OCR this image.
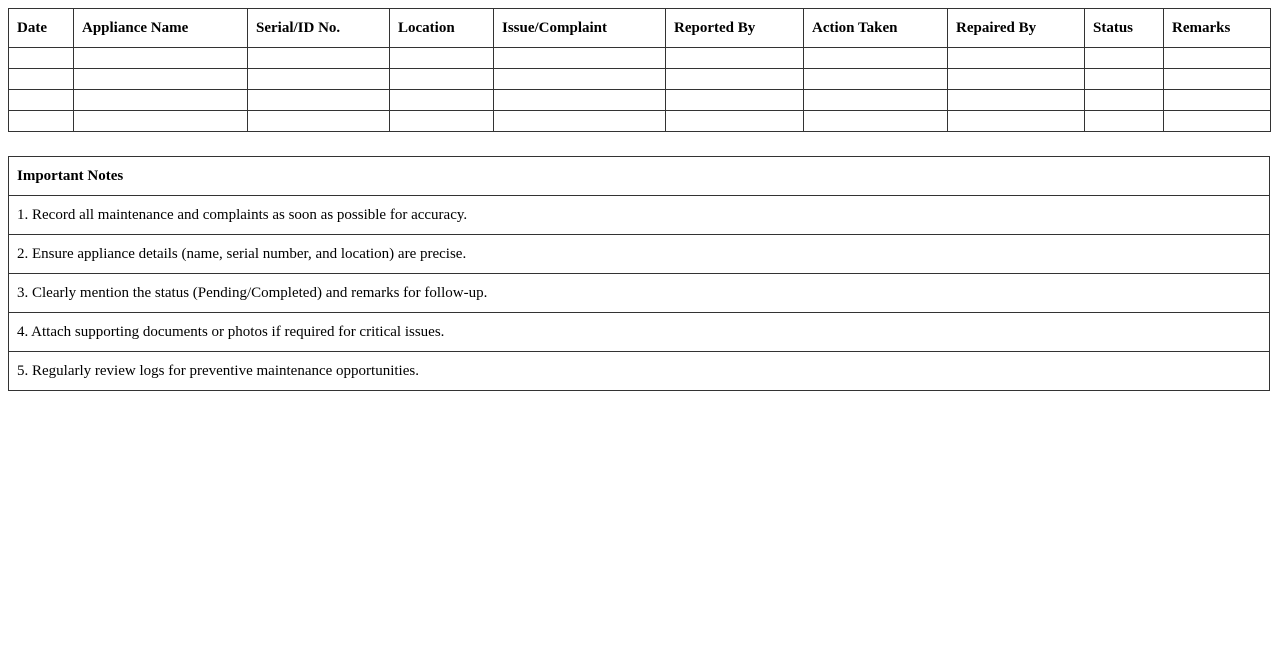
Date	Appliance Name	Serial/ID No.	Location	Issue/Complaint	Reported By	Action Taken	Repaired By	Status	Remarks

Important Notes
1. Record all maintenance and complaints as soon as possible for accuracy.
2. Ensure appliance details (name, serial number, and location) are precise.
3. Clearly mention the status (Pending/Completed) and remarks for follow-up.
4. Attach supporting documents or photos if required for critical issues.
5. Regularly review logs for preventive maintenance opportunities.
